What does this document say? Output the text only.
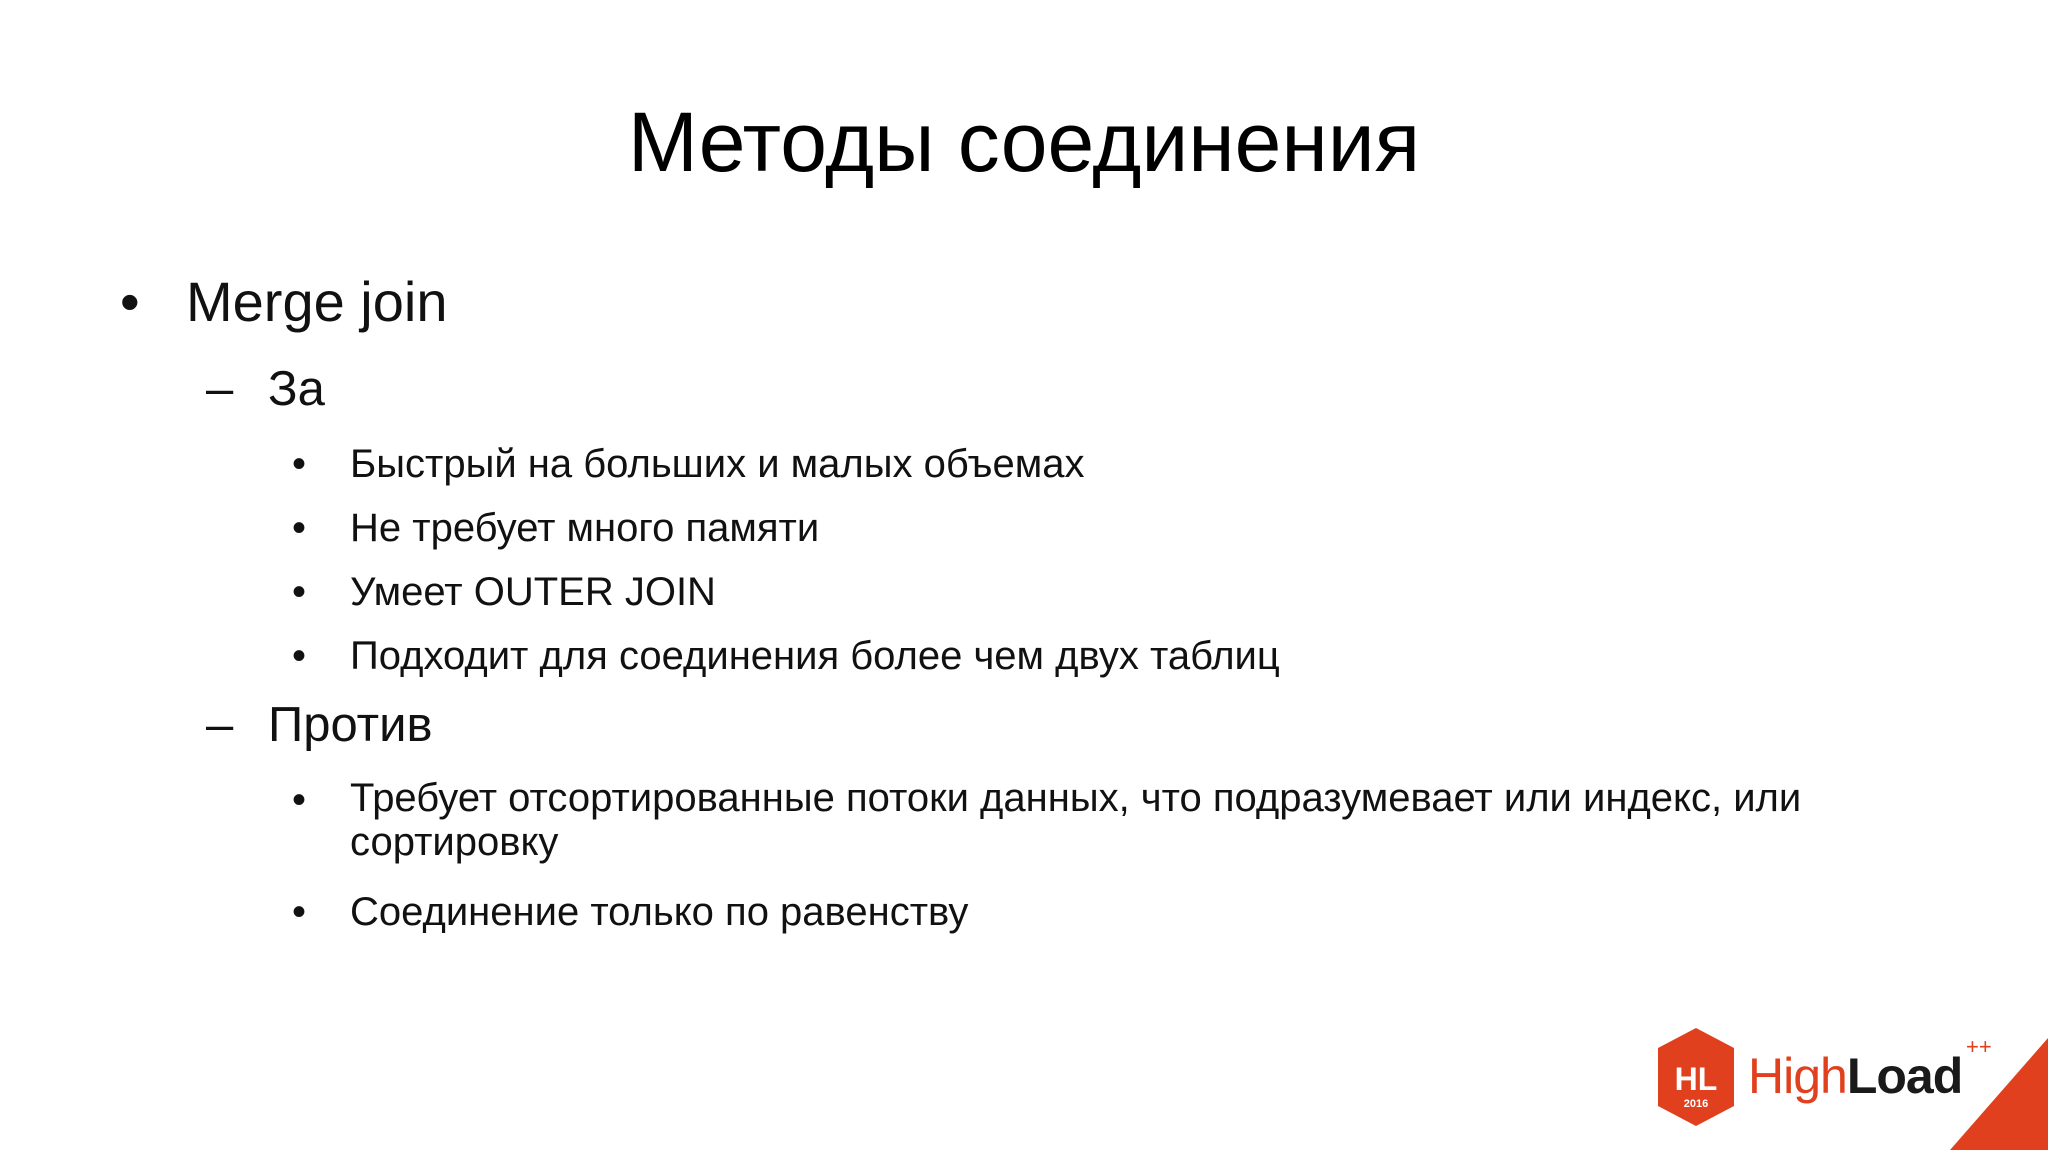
Методы соединения
• Merge join
– За
• Быстрый на больших и малых объемах
• Не требует много памяти
• Умеет OUTER JOIN
• Подходит для соединения более чем двух таблиц
– Против
• Требует отсортированные потоки данных, что подразумевает или индекс, или сортировку
• Соединение только по равенству
HL
2016 HighLoad
++
